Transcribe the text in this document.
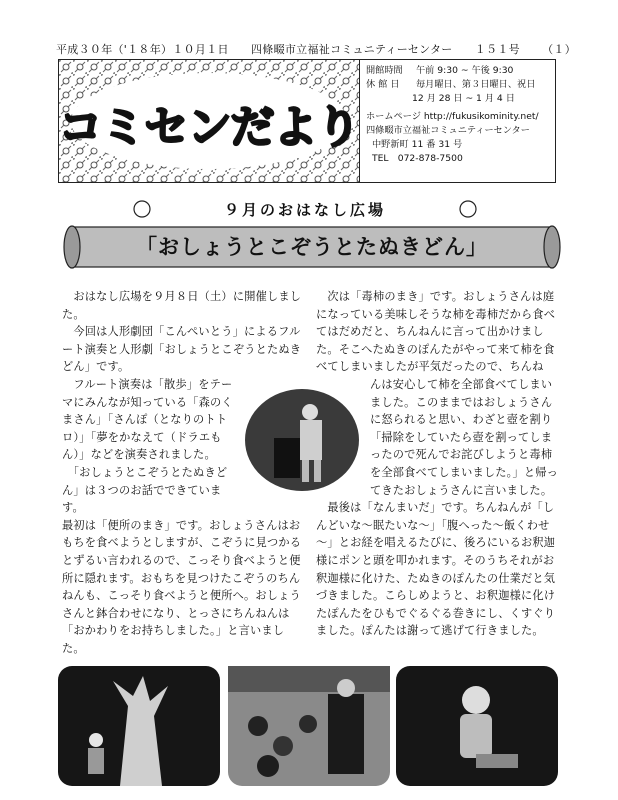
平成３０年（'１８年）１０月１日 四條畷市立福祉コミュニティーセンター １５１号 （１）
コミセンだより
開館時間 午前 9:30 ~ 午後 9:30
休 館 日 毎月曜日、第３日曜日、祝日
12 月 28 日 ~ 1 月 4 日
ホームページ http://fukusikominity.net/
四條畷市立福祉コミュニティーセンター
中野新町 11 番 31 号
TEL　072-878-7500
９月のおはなし広場
「おしょうとこぞうとたぬきどん」

　おはなし広場を９月８日（土）に開催しました。

　今回は人形劇団「こんぺいとう」によるフルート演奏と人形劇「おしょうとこぞうとたぬきどん」です。

　フルート演奏は「散歩」をテーマにみんなが知っている「森のくまさん」「さんぽ（となりのトトロ）」「夢をかなえて（ドラエもん）」などを演奏されました。

　「おしょうとこぞうとたぬきどん」は３つのお話でできています。

最初は「便所のまき」です。おしょうさんはおもちを食べようとしますが、こぞうに見つかるとずるい言われるので、こっそり食べようと便所に隠れます。おもちを見つけたこぞうのちんねんも、こっそり食べようと便所へ。おしょうさんと鉢合わせになり、とっさにちんねんは「おかわりをお持ちしました。」と言いました。

　次は「毒柿のまき」です。おしょうさんは庭になっている美味しそうな柿を毒柿だから食べてはだめだと、ちんねんに言って出かけました。そこへたぬきのぽんたがやって来て柿を食べてしまいましたが平気だったので、ちんね

んは安心して柿を全部食べてしまいました。このままではおしょうさんに怒られると思い、わざと壺を割り「掃除をしていたら壺を割ってしまったので死んでお詫びしようと毒柿を全部食べてしまいました。」と帰ってきたおしょうさんに言いました。

　最後は「なんまいだ」です。ちんねんが「しんどいな～眠たいな～」「腹へった～飯くわせ～」とお経を唱えるたびに、後ろにいるお釈迦様にポンと頭を叩かれます。そのうちそれがお釈迦様に化けた、たぬきのぽんたの仕業だと気づきました。こらしめようと、お釈迦様に化けたぽんたをひもでぐるぐる巻きにし、くすぐりました。ぽんたは謝って逃げて行きました。
